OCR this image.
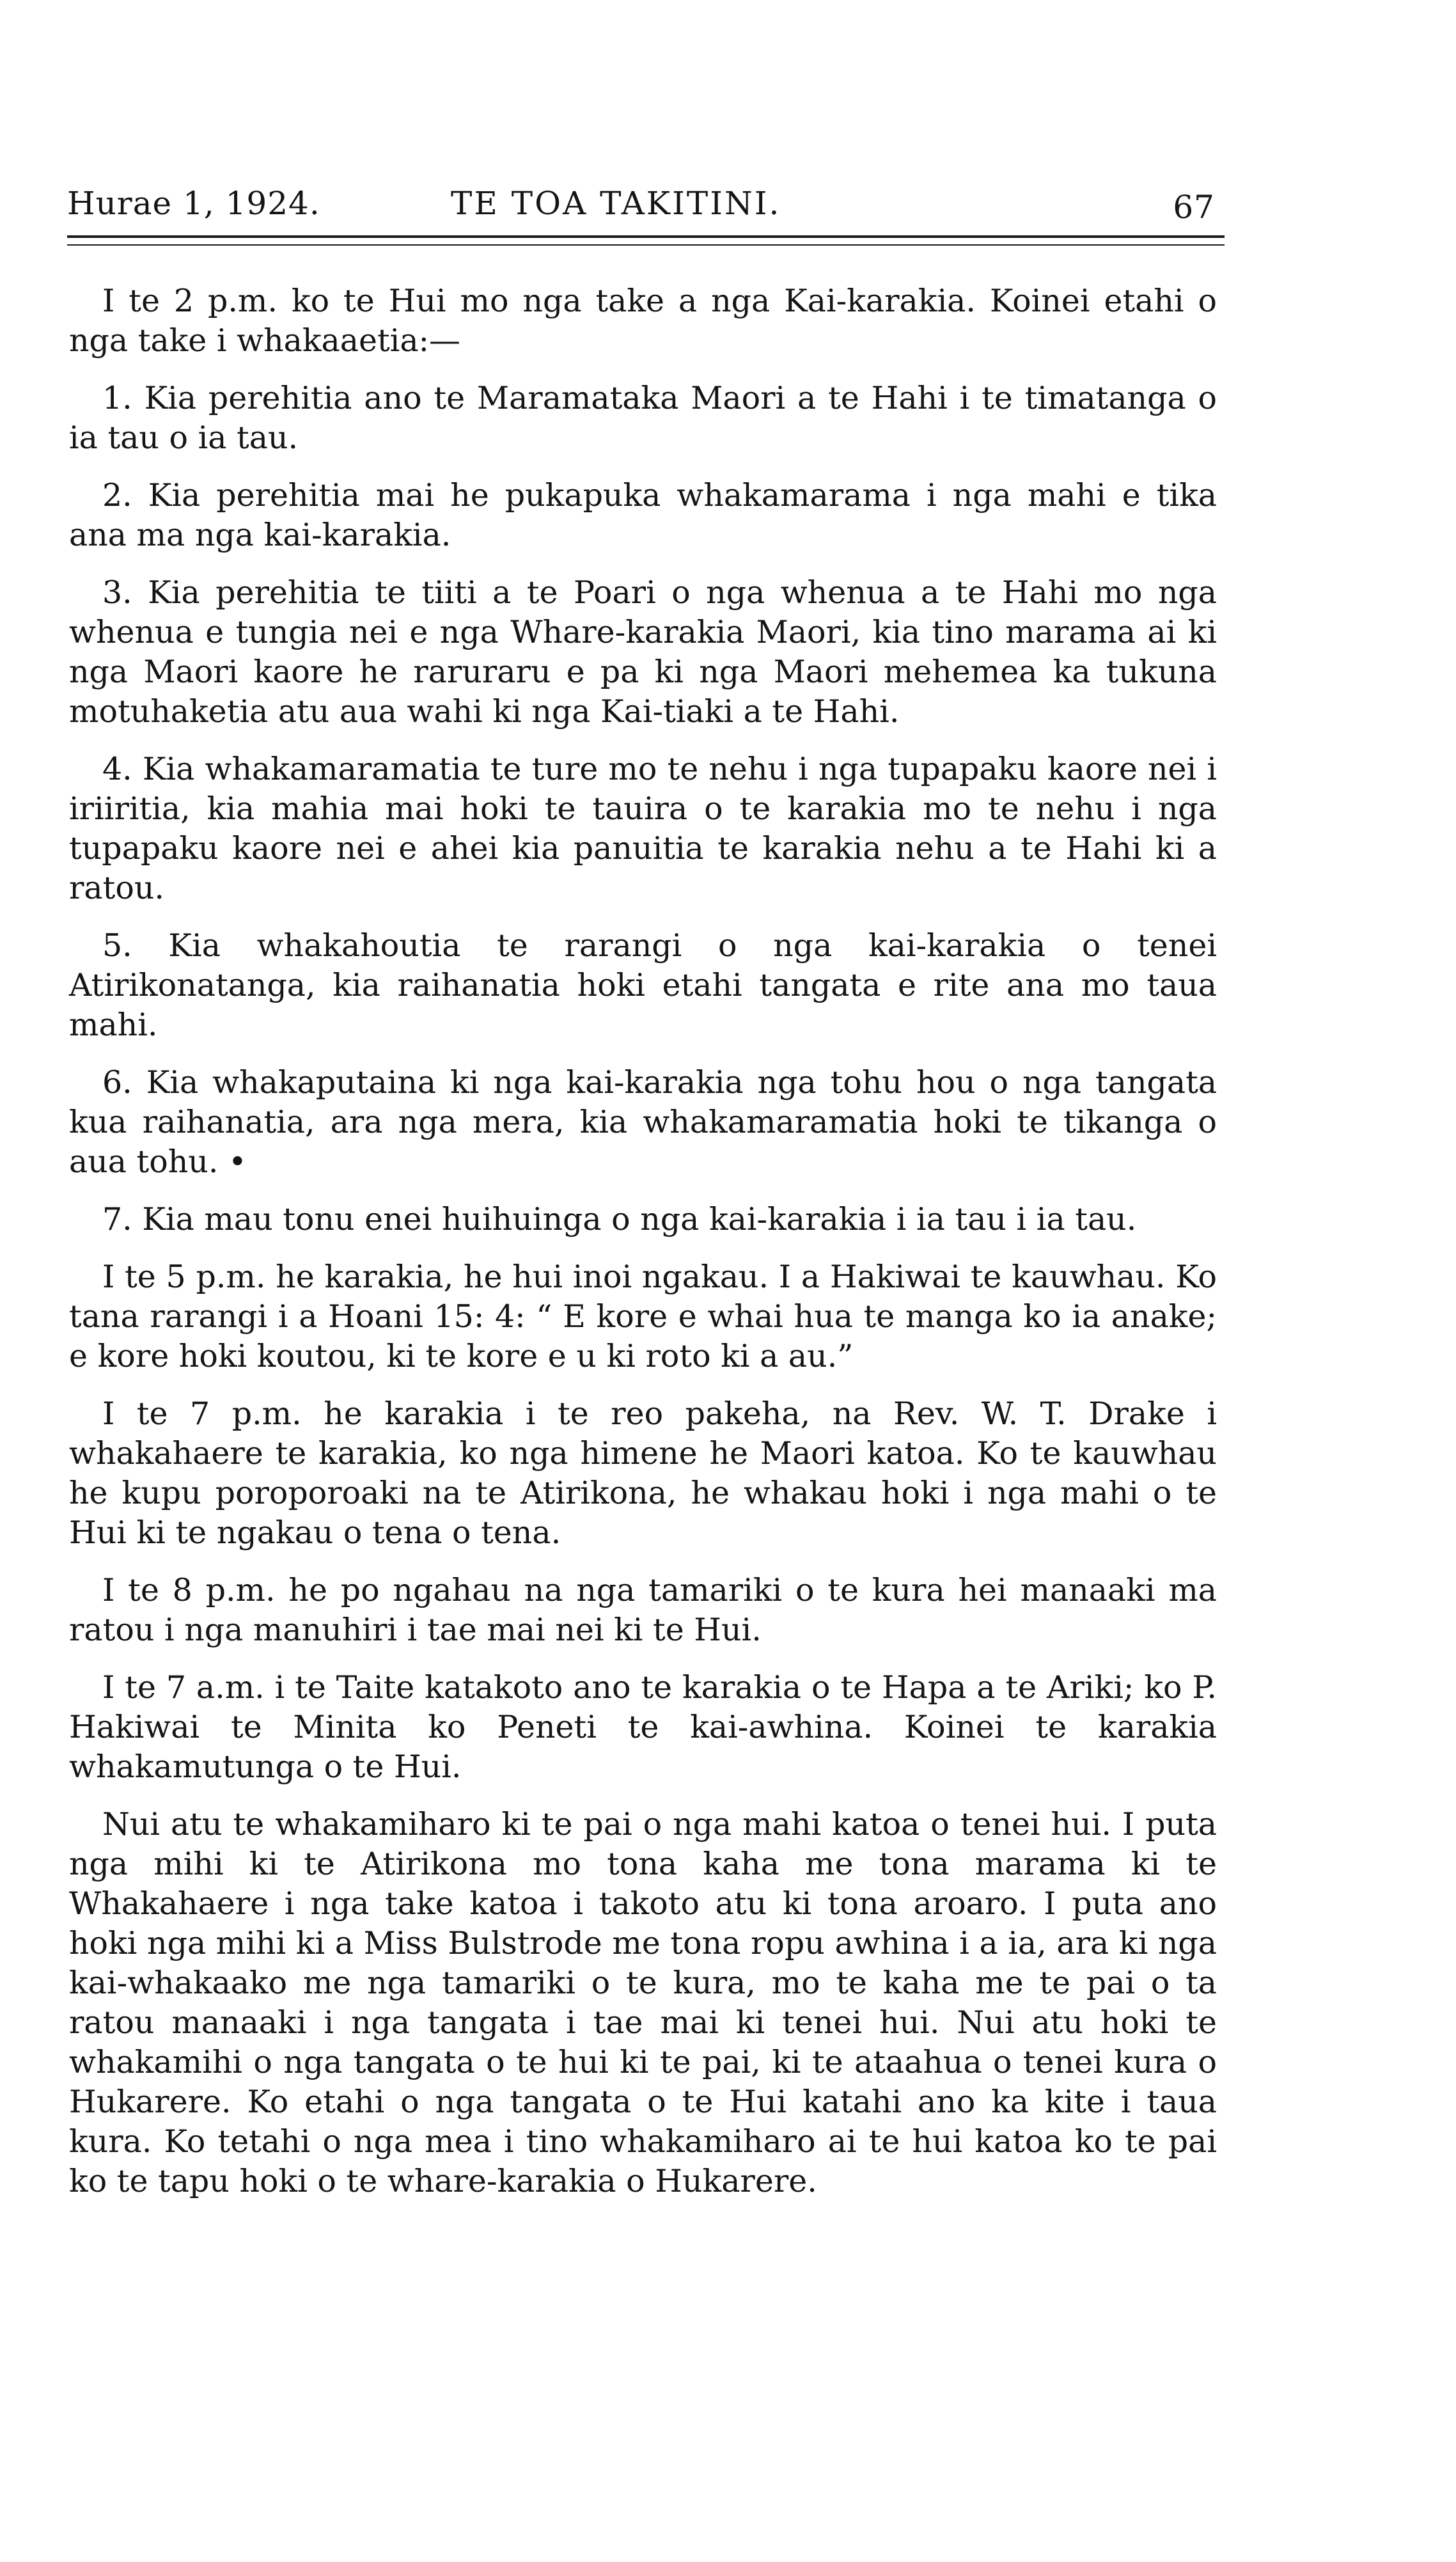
Hurae 1, 1924.	TE TOA TAKITINI.	67

I te 2 p.m. ko te Hui mo nga take a nga Kai-karakia. Koinei etahi o nga take i whakaaetia:—

1. Kia perehitia ano te Maramataka Maori a te Hahi i te timatanga o ia tau o ia tau.

2. Kia perehitia mai he pukapuka whakamarama i nga mahi e tika ana ma nga kai-karakia.

3. Kia perehitia te tiiti a te Poari o nga whenua a te Hahi mo nga whenua e tungia nei e nga Whare-karakia Maori, kia tino marama ai ki nga Maori kaore he raruraru e pa ki nga Maori mehemea ka tukuna motuhaketia atu aua wahi ki nga Kai-tiaki a te Hahi.

4. Kia whakamaramatia te ture mo te nehu i nga tupapaku kaore nei i iriiritia, kia mahia mai hoki te tauira o te karakia mo te nehu i nga tupapaku kaore nei e ahei kia panuitia te karakia nehu a te Hahi ki a ratou.

5. Kia whakahoutia te rarangi o nga kai-karakia o tenei Atirikonatanga, kia raihanatia hoki etahi tangata e rite ana mo taua mahi.

6. Kia whakaputaina ki nga kai-karakia nga tohu hou o nga tangata kua raihanatia, ara nga mera, kia whakamaramatia hoki te tikanga o aua tohu. •

7. Kia mau tonu enei huihuinga o nga kai-karakia i ia tau i ia tau.

I te 5 p.m. he karakia, he hui inoi ngakau. I a Hakiwai te kauwhau. Ko tana rarangi i a Hoani 15: 4: “ E kore e whai hua te manga ko ia anake; e kore hoki koutou, ki te kore e u ki roto ki a au.”

I te 7 p.m. he karakia i te reo pakeha, na Rev. W. T. Drake i whakahaere te karakia, ko nga himene he Maori katoa. Ko te kauwhau he kupu poroporoaki na te Atirikona, he whakau hoki i nga mahi o te Hui ki te ngakau o tena o tena.

I te 8 p.m. he po ngahau na nga tamariki o te kura hei manaaki ma ratou i nga manuhiri i tae mai nei ki te Hui.

I te 7 a.m. i te Taite katakoto ano te karakia o te Hapa a te Ariki; ko P. Hakiwai te Minita ko Peneti te kai-awhina. Koinei te karakia whakamutunga o te Hui.

Nui atu te whakamiharo ki te pai o nga mahi katoa o tenei hui. I puta nga mihi ki te Atirikona mo tona kaha me tona marama ki te Whakahaere i nga take katoa i takoto atu ki tona aroaro. I puta ano hoki nga mihi ki a Miss Bulstrode me tona ropu awhina i a ia, ara ki nga kai-whakaako me nga tamariki o te kura, mo te kaha me te pai o ta ratou manaaki i nga tangata i tae mai ki tenei hui. Nui atu hoki te whakamihi o nga tangata o te hui ki te pai, ki te ataahua o tenei kura o Hukarere. Ko etahi o nga tangata o te Hui katahi ano ka kite i taua kura. Ko tetahi o nga mea i tino whakamiharo ai te hui katoa ko te pai ko te tapu hoki o te whare-karakia o Hukarere.
